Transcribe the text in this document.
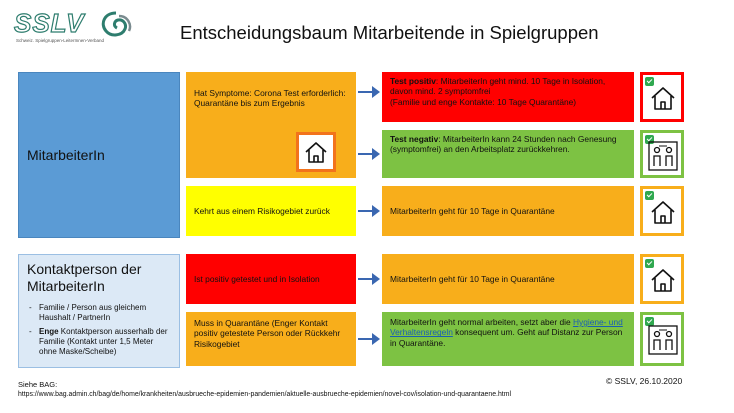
SSLV
Schweiz. Spielgruppen-LeiterInnen-Verband	Entscheidungsbaum Mitarbeitende in Spielgruppen
MitarbeiterIn
Kontaktperson der MitarbeiterIn
- Familie / Person aus gleichem Haushalt / PartnerIn
- Enge Kontaktperson ausserhalb der Familie (Kontakt unter 1,5 Meter ohne Maske/Scheibe)
Hat Symptome: Corona Test erforderlich: Quarantäne bis zum Ergebnis
Kehrt aus einem Risikogebiet zurück
Ist positiv getestet und in Isolation
Muss in Quarantäne (Enger Kontakt positiv getestete Person oder Rückkehr Risikogebiet
Test positiv: MitarbeiterIn geht mind. 10 Tage in Isolation, davon mind. 2 symptomfrei
(Familie und enge Kontakte: 10 Tage Quarantäne)
Test negativ: MitarbeiterIn kann 24 Stunden nach Genesung (symptomfrei) an den Arbeitsplatz zurückkehren.
MitarbeiterIn geht für 10 Tage in Quarantäne
MitarbeiterIn geht für 10 Tage in Quarantäne
MitarbeiterIn geht normal arbeiten, setzt aber die Hygiene- und Verhaltensregeln konsequent um. Geht auf Distanz zur Person in Quarantäne.
Siehe BAG:
https://www.bag.admin.ch/bag/de/home/krankheiten/ausbrueche-epidemien-pandemien/aktuelle-ausbrueche-epidemien/novel-cov/isolation-und-quarantaene.html
© SSLV, 26.10.2020
